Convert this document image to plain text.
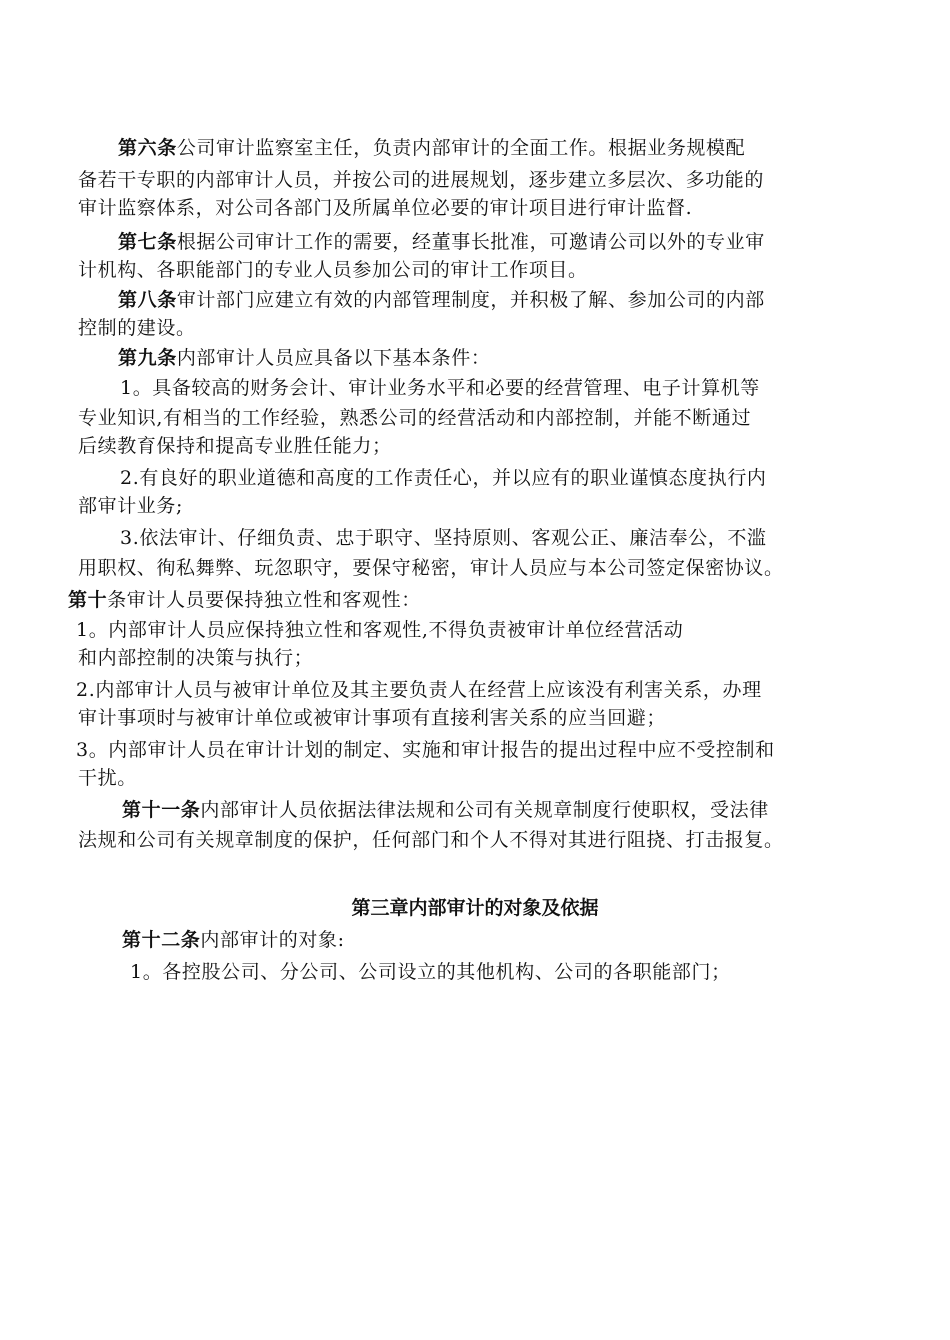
第六条公司审计监察室主任，负责内部审计的全面工作。根据业务规模配
备若干专职的内部审计人员，并按公司的进展规划，逐步建立多层次、多功能的
审计监察体系，对公司各部门及所属单位必要的审计项目进行审计监督.
第七条根据公司审计工作的需要，经董事长批准，可邀请公司以外的专业审
计机构、各职能部门的专业人员参加公司的审计工作项目。
第八条审计部门应建立有效的内部管理制度，并积极了解、参加公司的内部
控制的建设。
第九条内部审计人员应具备以下基本条件：
1。具备较高的财务会计、审计业务水平和必要的经营管理、电子计算机等
专业知识,有相当的工作经验，熟悉公司的经营活动和内部控制，并能不断通过
后续教育保持和提高专业胜任能力；
2.有良好的职业道德和高度的工作责任心，并以应有的职业谨慎态度执行内
部审计业务;
3.依法审计、仔细负责、忠于职守、坚持原则、客观公正、廉洁奉公，不滥
用职权、徇私舞弊、玩忽职守，要保守秘密，审计人员应与本公司签定保密协议。
第十条审计人员要保持独立性和客观性：
1。内部审计人员应保持独立性和客观性,不得负责被审计单位经营活动
和内部控制的决策与执行；
2.内部审计人员与被审计单位及其主要负责人在经营上应该没有利害关系，办理
审计事项时与被审计单位或被审计事项有直接利害关系的应当回避；
3。内部审计人员在审计计划的制定、实施和审计报告的提出过程中应不受控制和
干扰。
第十一条内部审计人员依据法律法规和公司有关规章制度行使职权，受法律
法规和公司有关规章制度的保护，任何部门和个人不得对其进行阻挠、打击报复。
第三章内部审计的对象及依据
第十二条内部审计的对象:
1。各控股公司、分公司、公司设立的其他机构、公司的各职能部门；
